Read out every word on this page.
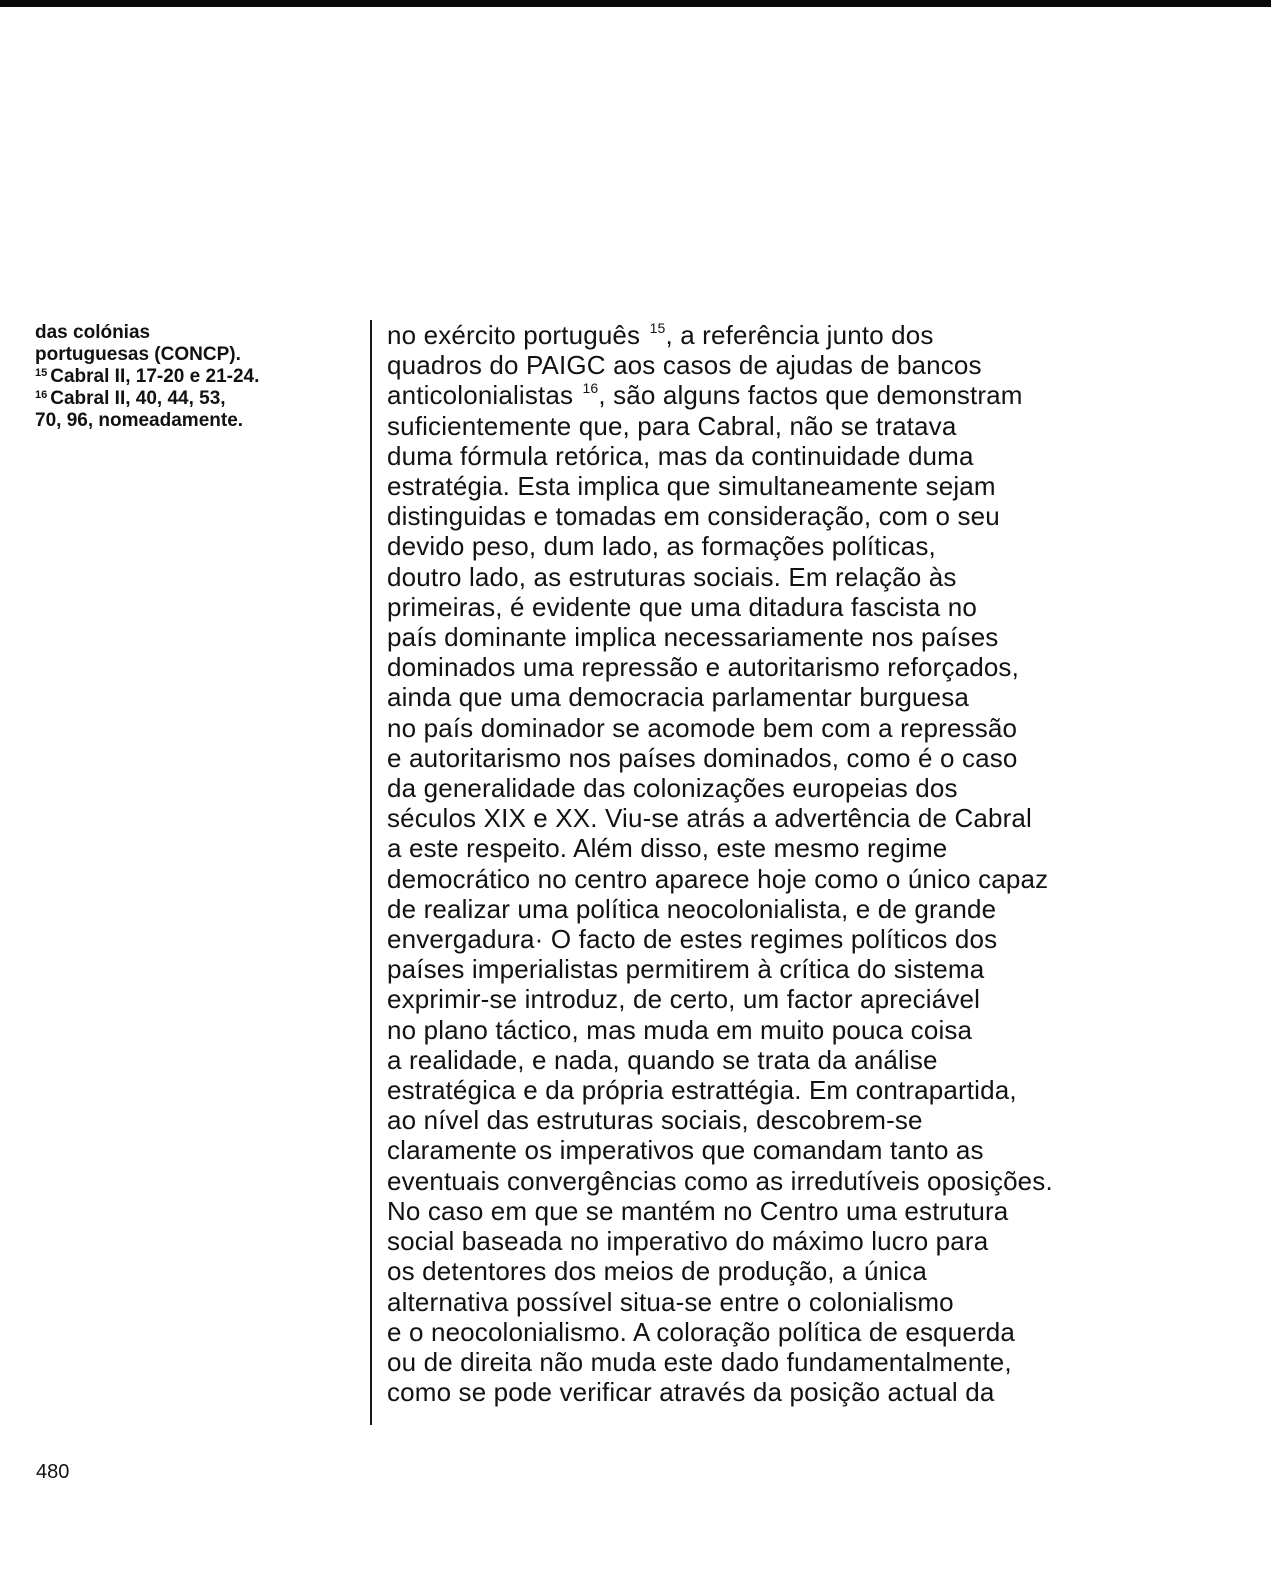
das colónias
portuguesas (CONCP).
$^{15}$ Cabral II, 17-20 e 21-24.
$^{16}$ Cabral II, 40, 44, 53,
70, 96, nomeadamente.
no exército português $^{15}$, a referência junto dos
quadros do PAIGC aos casos de ajudas de bancos
anticolonialistas $^{16}$, são alguns factos que demonstram
suficientemente que, para Cabral, não se tratava
duma fórmula retórica, mas da continuidade duma
estratégia. Esta implica que simultaneamente sejam
distinguidas e tomadas em consideração, com o seu
devido peso, dum lado, as formações políticas,
doutro lado, as estruturas sociais. Em relação às
primeiras, é evidente que uma ditadura fascista no
país dominante implica necessariamente nos países
dominados uma repressão e autoritarismo reforçados,
ainda que uma democracia parlamentar burguesa
no país dominador se acomode bem com a repressão
e autoritarismo nos países dominados, como é o caso
da generalidade das colonizações europeias dos
séculos XIX e XX. Viu-se atrás a advertência de Cabral
a este respeito. Além disso, este mesmo regime
democrático no centro aparece hoje como o único capaz
de realizar uma política neocolonialista, e de grande
envergadura· O facto de estes regimes políticos dos
países imperialistas permitirem à crítica do sistema
exprimir-se introduz, de certo, um factor apreciável
no plano táctico, mas muda em muito pouca coisa
a realidade, e nada, quando se trata da análise
estratégica e da própria estrattégia. Em contrapartida,
ao nível das estruturas sociais, descobrem-se
claramente os imperativos que comandam tanto as
eventuais convergências como as irredutíveis oposições.
No caso em que se mantém no Centro uma estrutura
social baseada no imperativo do máximo lucro para
os detentores dos meios de produção, a única
alternativa possível situa-se entre o colonialismo
e o neocolonialismo. A coloração política de esquerda
ou de direita não muda este dado fundamentalmente,
como se pode verificar através da posição actual da
480
